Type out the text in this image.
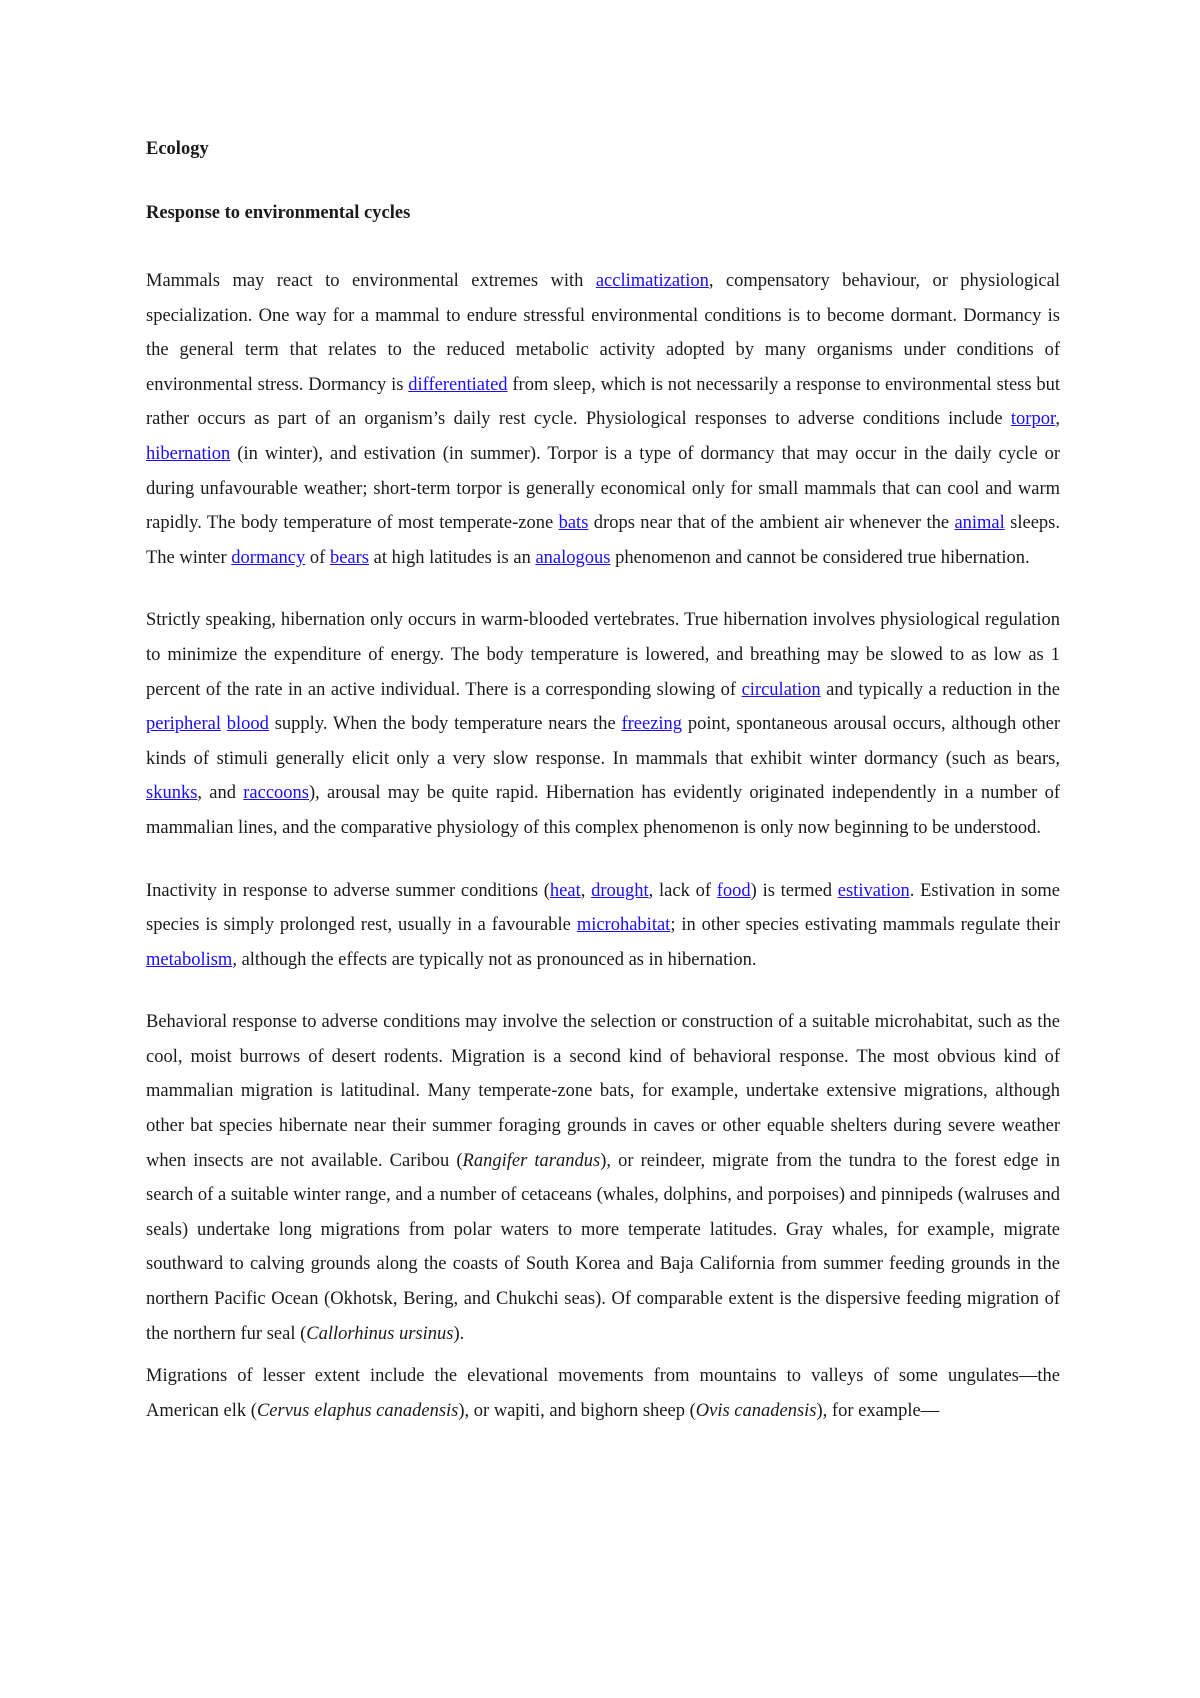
Ecology
Response to environmental cycles

Mammals may react to environmental extremes with acclimatization, compensatory behaviour, or physiological specialization. One way for a mammal to endure stressful environmental conditions is to become dormant. Dormancy is the general term that relates to the reduced metabolic activity adopted by many organisms under conditions of environmental stress. Dormancy is differentiated from sleep, which is not necessarily a response to environmental stess but rather occurs as part of an organism’s daily rest cycle. Physiological responses to adverse conditions include torpor, hibernation (in winter), and estivation (in summer). Torpor is a type of dormancy that may occur in the daily cycle or during unfavourable weather; short-term torpor is generally economical only for small mammals that can cool and warm rapidly. The body temperature of most temperate-zone bats drops near that of the ambient air whenever the animal sleeps. The winter dormancy of bears at high latitudes is an analogous phenomenon and cannot be considered true hibernation.

Strictly speaking, hibernation only occurs in warm-blooded vertebrates. True hibernation involves physiological regulation to minimize the expenditure of energy. The body temperature is lowered, and breathing may be slowed to as low as 1 percent of the rate in an active individual. There is a corresponding slowing of circulation and typically a reduction in the peripheral blood supply. When the body temperature nears the freezing point, spontaneous arousal occurs, although other kinds of stimuli generally elicit only a very slow response. In mammals that exhibit winter dormancy (such as bears, skunks, and raccoons), arousal may be quite rapid. Hibernation has evidently originated independently in a number of mammalian lines, and the comparative physiology of this complex phenomenon is only now beginning to be understood.

Inactivity in response to adverse summer conditions (heat, drought, lack of food) is termed estivation. Estivation in some species is simply prolonged rest, usually in a favourable microhabitat; in other species estivating mammals regulate their metabolism, although the effects are typically not as pronounced as in hibernation.

Behavioral response to adverse conditions may involve the selection or construction of a suitable microhabitat, such as the cool, moist burrows of desert rodents. Migration is a second kind of behavioral response. The most obvious kind of mammalian migration is latitudinal. Many temperate-zone bats, for example, undertake extensive migrations, although other bat species hibernate near their summer foraging grounds in caves or other equable shelters during severe weather when insects are not available. Caribou (Rangifer tarandus), or reindeer, migrate from the tundra to the forest edge in search of a suitable winter range, and a number of cetaceans (whales, dolphins, and porpoises) and pinnipeds (walruses and seals) undertake long migrations from polar waters to more temperate latitudes. Gray whales, for example, migrate southward to calving grounds along the coasts of South Korea and Baja California from summer feeding grounds in the northern Pacific Ocean (Okhotsk, Bering, and Chukchi seas). Of comparable extent is the dispersive feeding migration of the northern fur seal (Callorhinus ursinus).

Migrations of lesser extent include the elevational movements from mountains to valleys of some ungulates—the American elk (Cervus elaphus canadensis), or wapiti, and bighorn sheep (Ovis canadensis), for example—
